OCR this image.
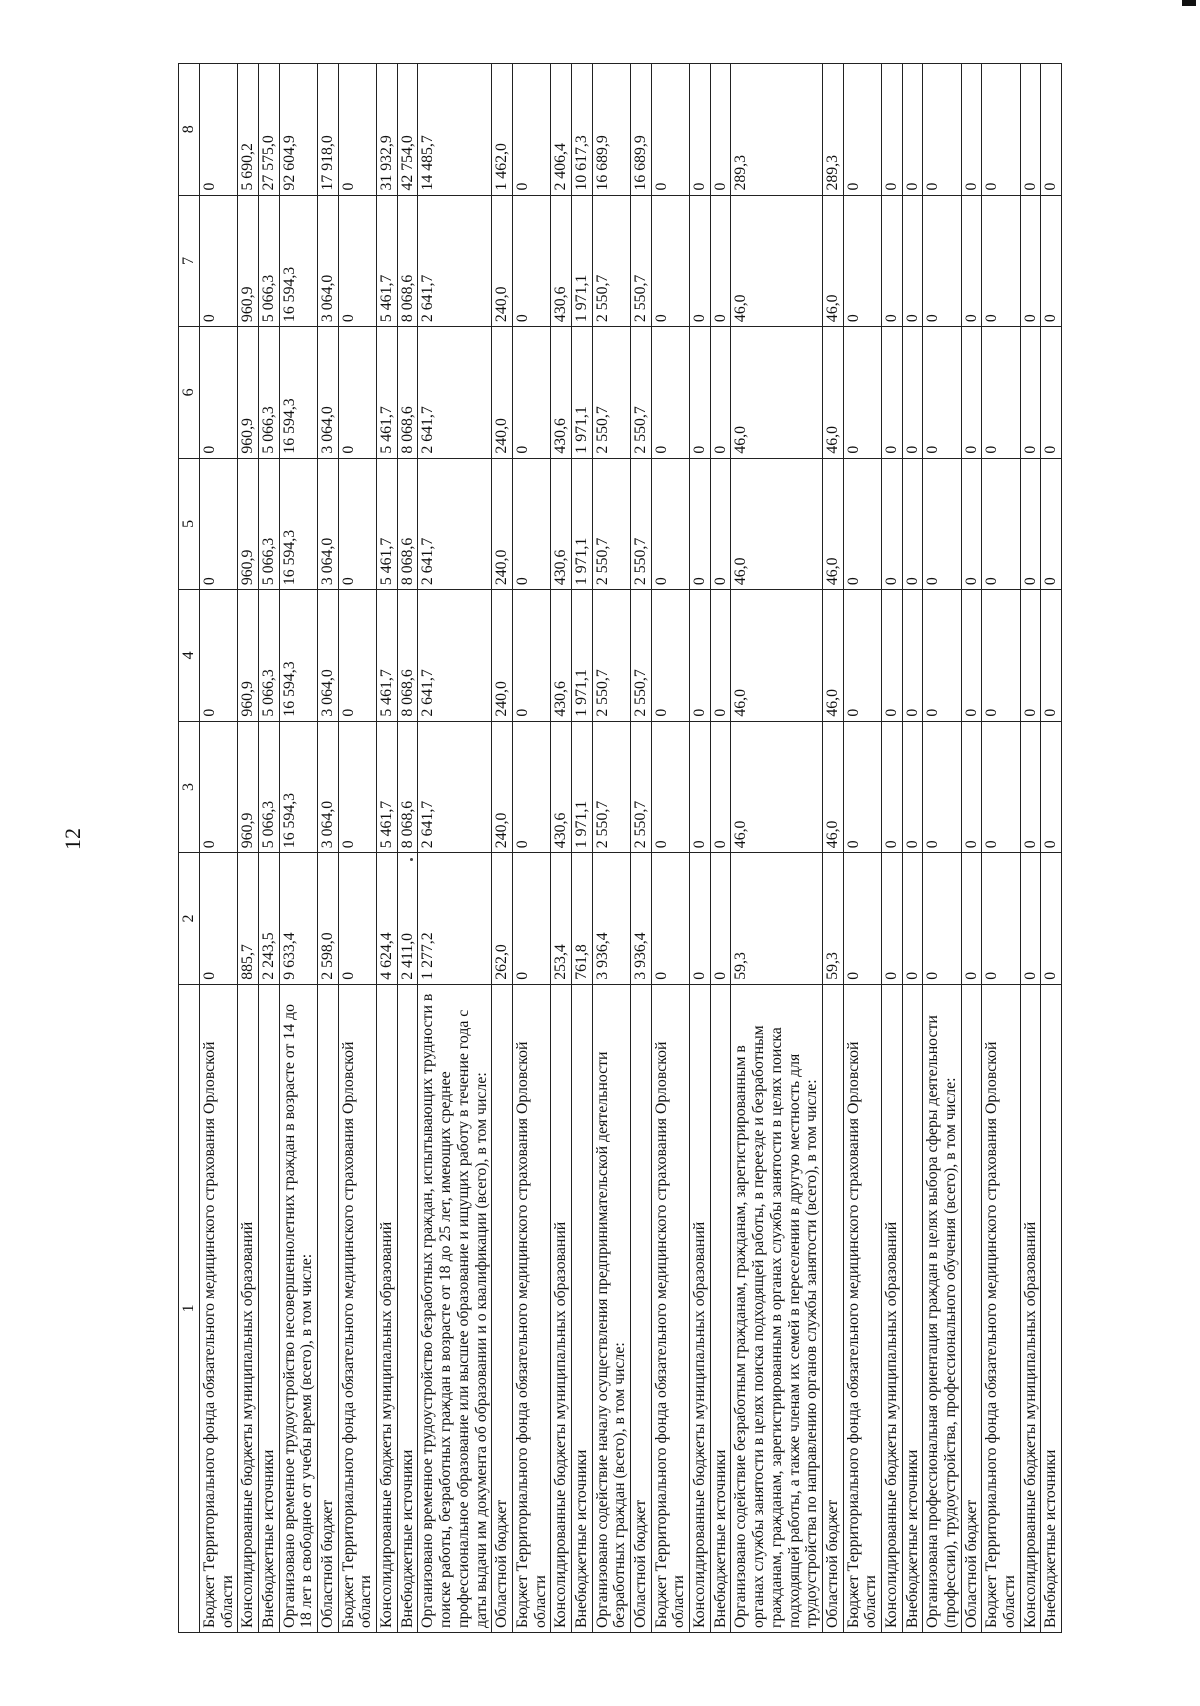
12
1	2	3	4	5	6	7	8
Бюджет Территориального фонда обязательного медицинского страхования Орловской области	0	0	0	0	0	0	0
Консолидированные бюджеты муниципальных образований	885,7	960,9	960,9	960,9	960,9	960,9	5 690,2
Внебюджетные источники	2 243,5	5 066,3	5 066,3	5 066,3	5 066,3	5 066,3	27 575,0
Организовано временное трудоустройство несовершеннолетних граждан в возрасте от 14 до 18 лет в свободное от учебы время (всего), в том числе:	9 633,4	16 594,3	16 594,3	16 594,3	16 594,3	16 594,3	92 604,9
Областной бюджет	2 598,0	3 064,0	3 064,0	3 064,0	3 064,0	3 064,0	17 918,0
Бюджет Территориального фонда обязательного медицинского страхования Орловской области	0	0	0	0	0	0	0
Консолидированные бюджеты муниципальных образований	4 624,4	5 461,7	5 461,7	5 461,7	5 461,7	5 461,7	31 932,9
Внебюджетные источники	2 411,0	8 068,6	8 068,6	8 068,6	8 068,6	8 068,6	42 754,0
Организовано временное трудоустройство безработных граждан, испытывающих трудности в поиске работы, безработных граждан в возрасте от 18 до 25 лет, имеющих среднее профессиональное образование или высшее образование и ищущих работу в течение года с даты выдачи им документа об образовании и о квалификации (всего), в том числе:	1 277,2	2 641,7	2 641,7	2 641,7	2 641,7	2 641,7	14 485,7
Областной бюджет	262,0	240,0	240,0	240,0	240,0	240,0	1 462,0
Бюджет Территориального фонда обязательного медицинского страхования Орловской области	0	0	0	0	0	0	0
Консолидированные бюджеты муниципальных образований	253,4	430,6	430,6	430,6	430,6	430,6	2 406,4
Внебюджетные источники	761,8	1 971,1	1 971,1	1 971,1	1 971,1	1 971,1	10 617,3
Организовано содействие началу осуществления предпринимательской деятельности безработных граждан (всего), в том числе:	3 936,4	2 550,7	2 550,7	2 550,7	2 550,7	2 550,7	16 689,9
Областной бюджет	3 936,4	2 550,7	2 550,7	2 550,7	2 550,7	2 550,7	16 689,9
Бюджет Территориального фонда обязательного медицинского страхования Орловской области	0	0	0	0	0	0	0
Консолидированные бюджеты муниципальных образований	0	0	0	0	0	0	0
Внебюджетные источники	0	0	0	0	0	0	0
Организовано содействие безработным гражданам, гражданам, зарегистрированным в органах службы занятости в целях поиска подходящей работы, в переезде и безработным гражданам, гражданам, зарегистрированным в органах службы занятости в целях поиска подходящей работы, а также членам их семей в переселении в другую местность для трудоустройства по направлению органов службы занятости (всего), в том числе:	59,3	46,0	46,0	46,0	46,0	46,0	289,3
Областной бюджет	59,3	46,0	46,0	46,0	46,0	46,0	289,3
Бюджет Территориального фонда обязательного медицинского страхования Орловской области	0	0	0	0	0	0	0
Консолидированные бюджеты муниципальных образований	0	0	0	0	0	0	0
Внебюджетные источники	0	0	0	0	0	0	0
Организована профессиональная ориентация граждан в целях выбора сферы деятельности (профессии), трудоустройства, профессионального обучения (всего), в том числе:	0	0	0	0	0	0	0
Областной бюджет	0	0	0	0	0	0	0
Бюджет Территориального фонда обязательного медицинского страхования Орловской области	0	0	0	0	0	0	0
Консолидированные бюджеты муниципальных образований	0	0	0	0	0	0	0
Внебюджетные источники	0	0	0	0	0	0	0
